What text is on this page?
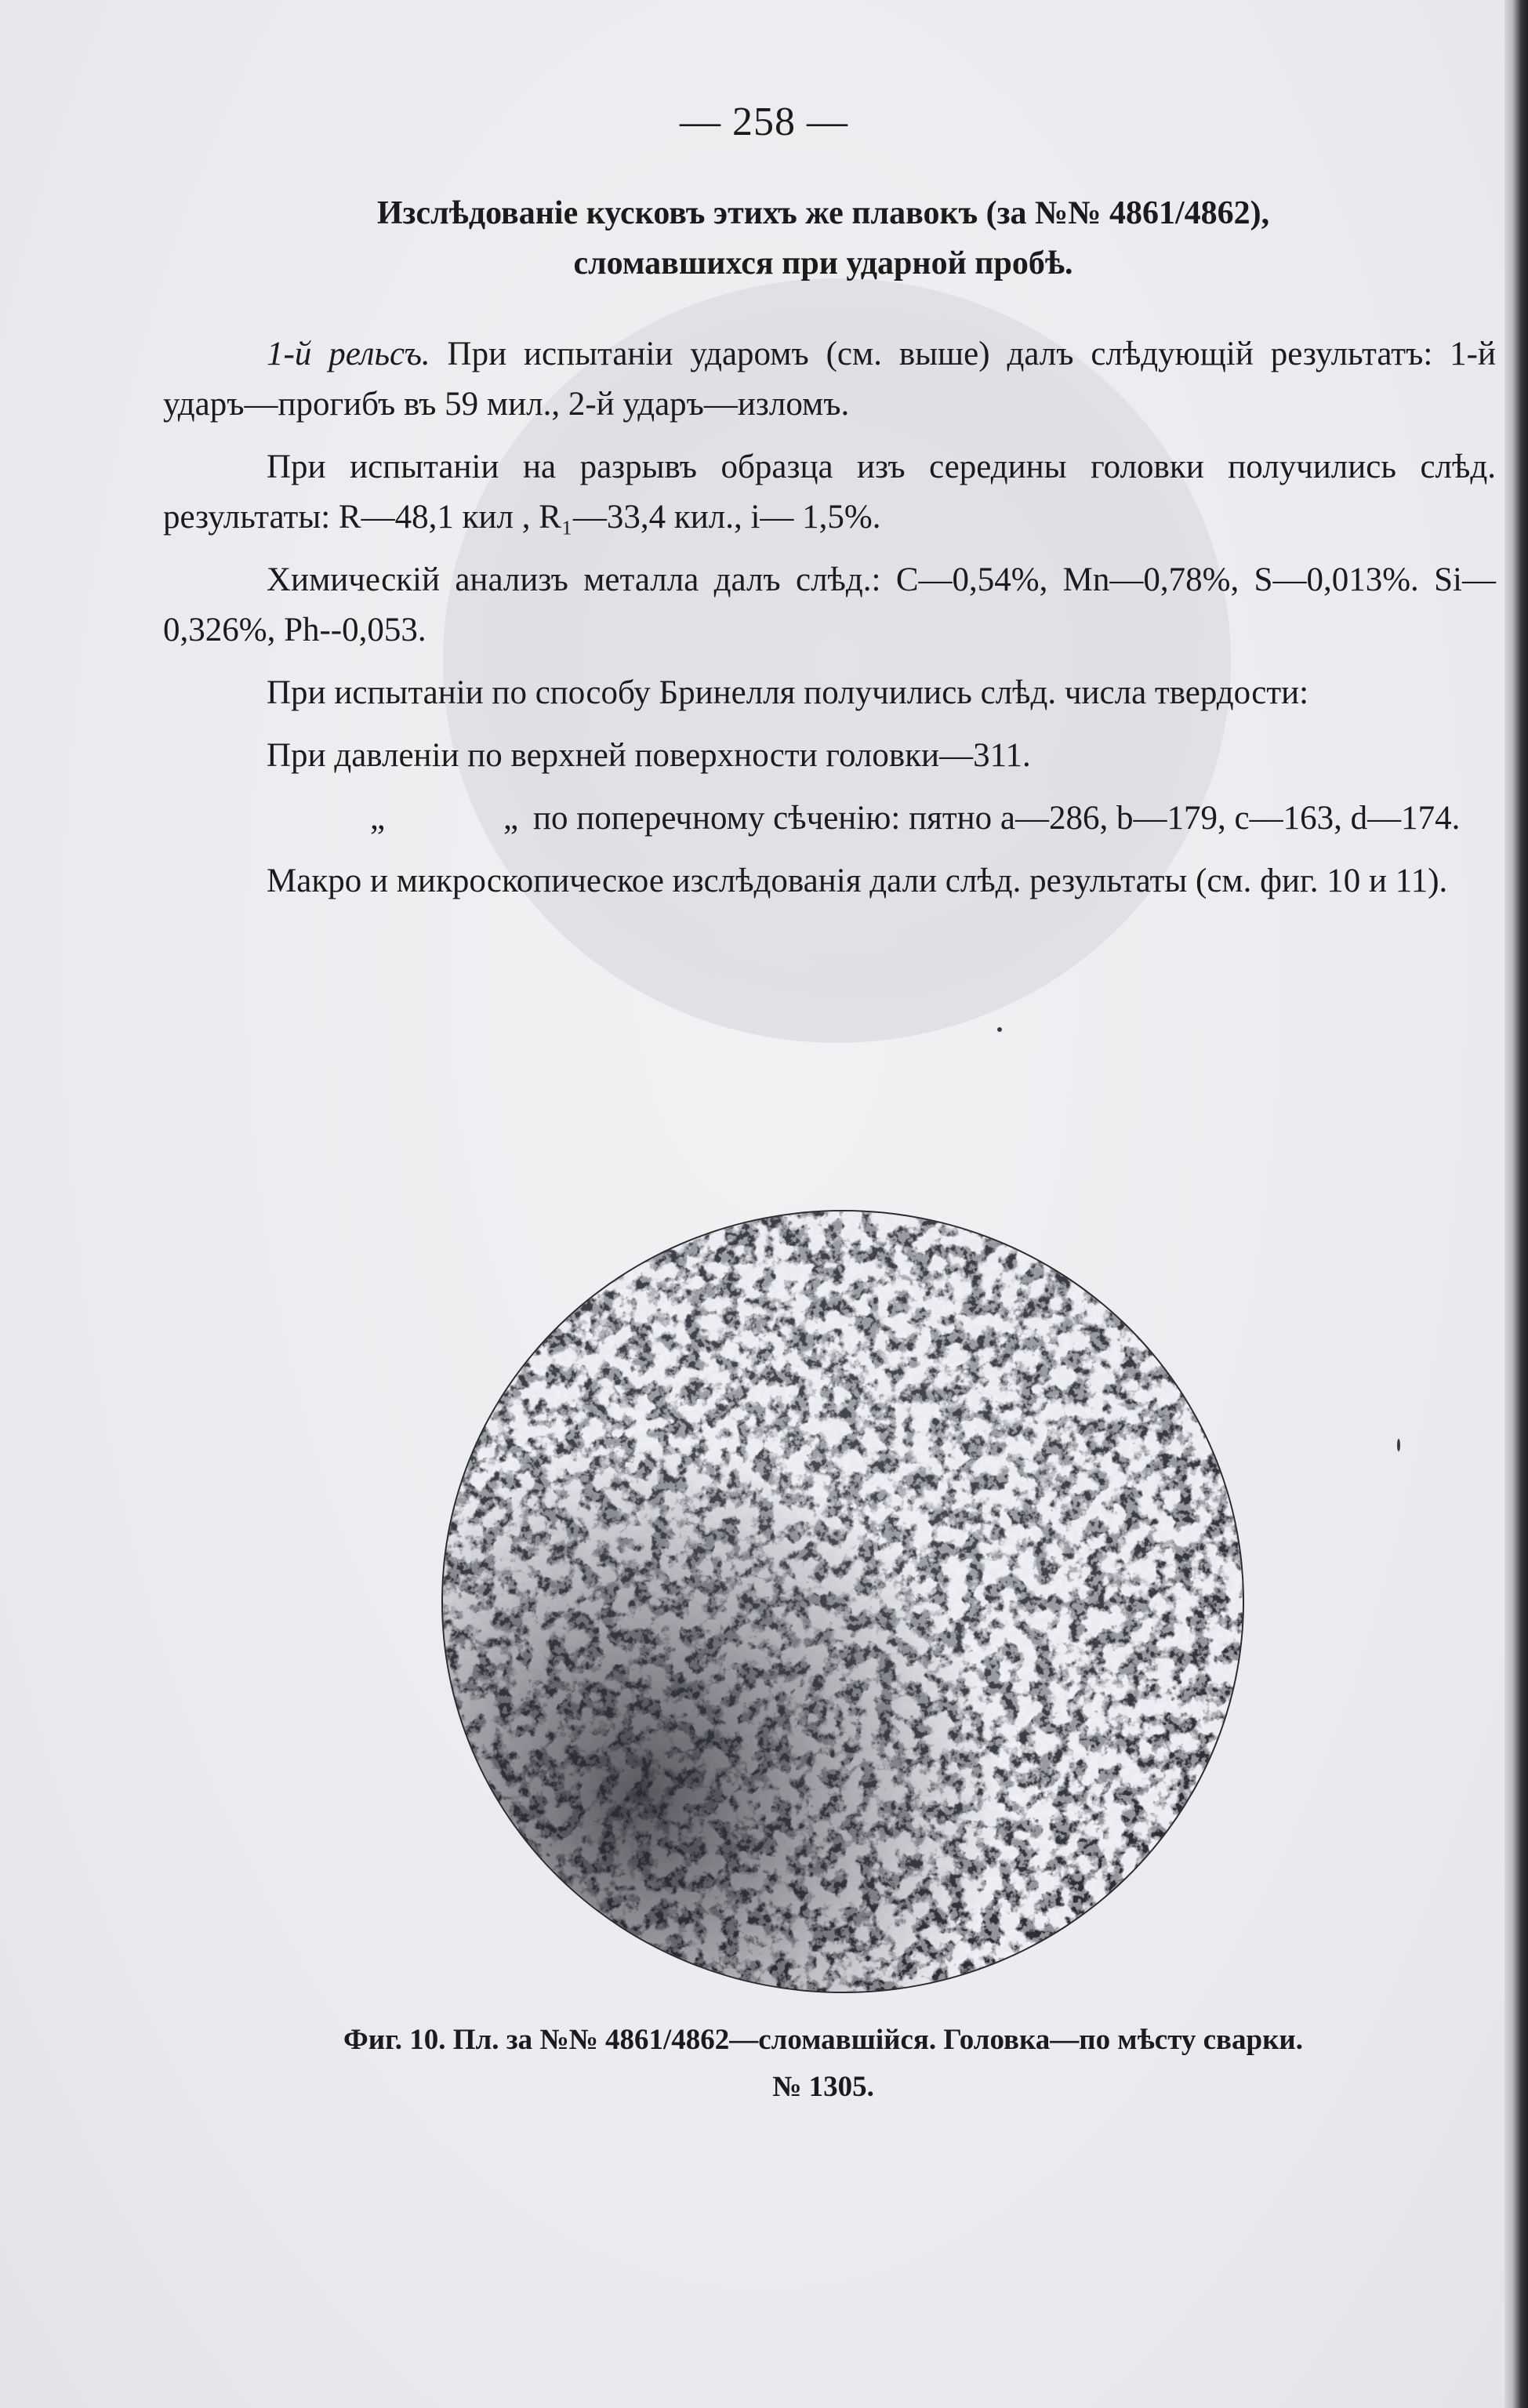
— 258 —
Изслѣдованіе кусковъ этихъ же плавокъ (за №№ 4861/4862),
сломавшихся при ударной пробѣ.

1-й рельсъ. При испытаніи ударомъ (см. выше) далъ слѣдующій результатъ: 1-й ударъ—прогибъ въ 59 мил., 2-й ударъ—изломъ.

При испытаніи на разрывъ образца изъ середины головки получились слѣд. результаты: R—48,1 кил , R₁—33,4 кил., i— 1,5%.

Химическій анализъ металла далъ слѣд.: C—0,54%, Mn—0,78%, S—0,013%. Si—0,326%, Ph--0,053.

При испытаніи по способу Бринелля получились слѣд. числа твердости:

При давленіи по верхней поверхности головки—311.

„	„ по поперечному сѣченію: пятно a—286, b—179, c—163, d—174.

Макро и микроскопическое изслѣдованія дали слѣд. результаты (см. фиг. 10 и 11).

Фиг. 10. Пл. за №№ 4861/4862—сломавшійся. Головка—по мѣсту сварки.
№ 1305.
